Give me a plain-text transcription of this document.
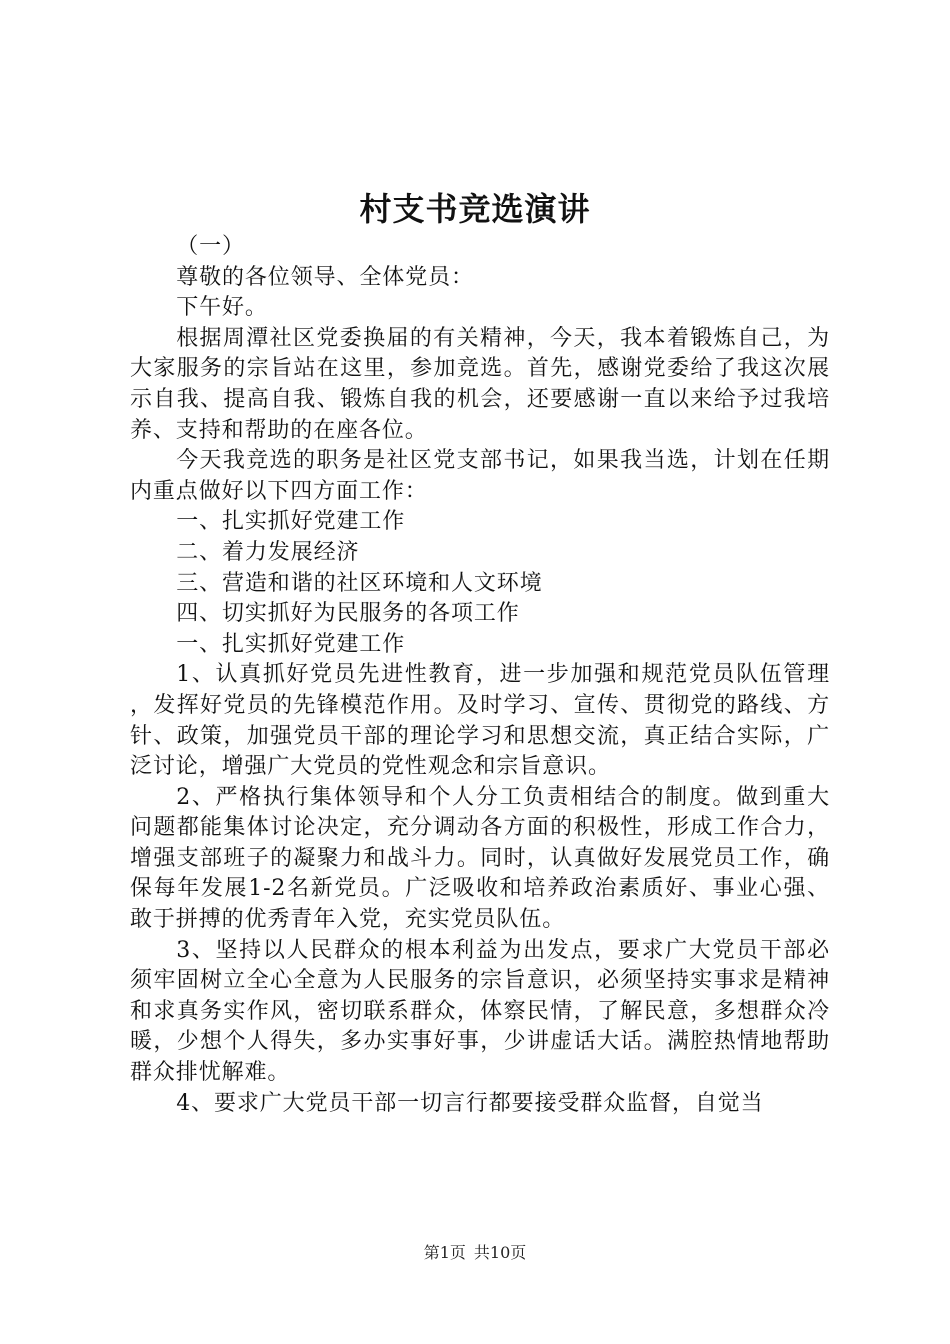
村支书竞选演讲

（一）

尊敬的各位领导、全体党员：

下午好。

根据周潭社区党委换届的有关精神，今天，我本着锻炼自己，为大家服务的宗旨站在这里，参加竞选。首先，感谢党委给了我这次展示自我、提高自我、锻炼自我的机会，还要感谢一直以来给予过我培养、支持和帮助的在座各位。

今天我竞选的职务是社区党支部书记，如果我当选，计划在任期内重点做好以下四方面工作：

一、扎实抓好党建工作

二、着力发展经济

三、营造和谐的社区环境和人文环境

四、切实抓好为民服务的各项工作

一、扎实抓好党建工作

1、认真抓好党员先进性教育，进一步加强和规范党员队伍管理，发挥好党员的先锋模范作用。及时学习、宣传、贯彻党的路线、方针、政策，加强党员干部的理论学习和思想交流，真正结合实际，广泛讨论，增强广大党员的党性观念和宗旨意识。

2、严格执行集体领导和个人分工负责相结合的制度。做到重大问题都能集体讨论决定，充分调动各方面的积极性，形成工作合力，增强支部班子的凝聚力和战斗力。同时，认真做好发展党员工作，确保每年发展1-2名新党员。广泛吸收和培养政治素质好、事业心强、敢于拼搏的优秀青年入党，充实党员队伍。

3、坚持以人民群众的根本利益为出发点，要求广大党员干部必须牢固树立全心全意为人民服务的宗旨意识，必须坚持实事求是精神和求真务实作风，密切联系群众，体察民情，了解民意，多想群众冷暖，少想个人得失，多办实事好事，少讲虚话大话。满腔热情地帮助群众排忧解难。

4、要求广大党员干部一切言行都要接受群众监督，自觉当

第1页 共10页
